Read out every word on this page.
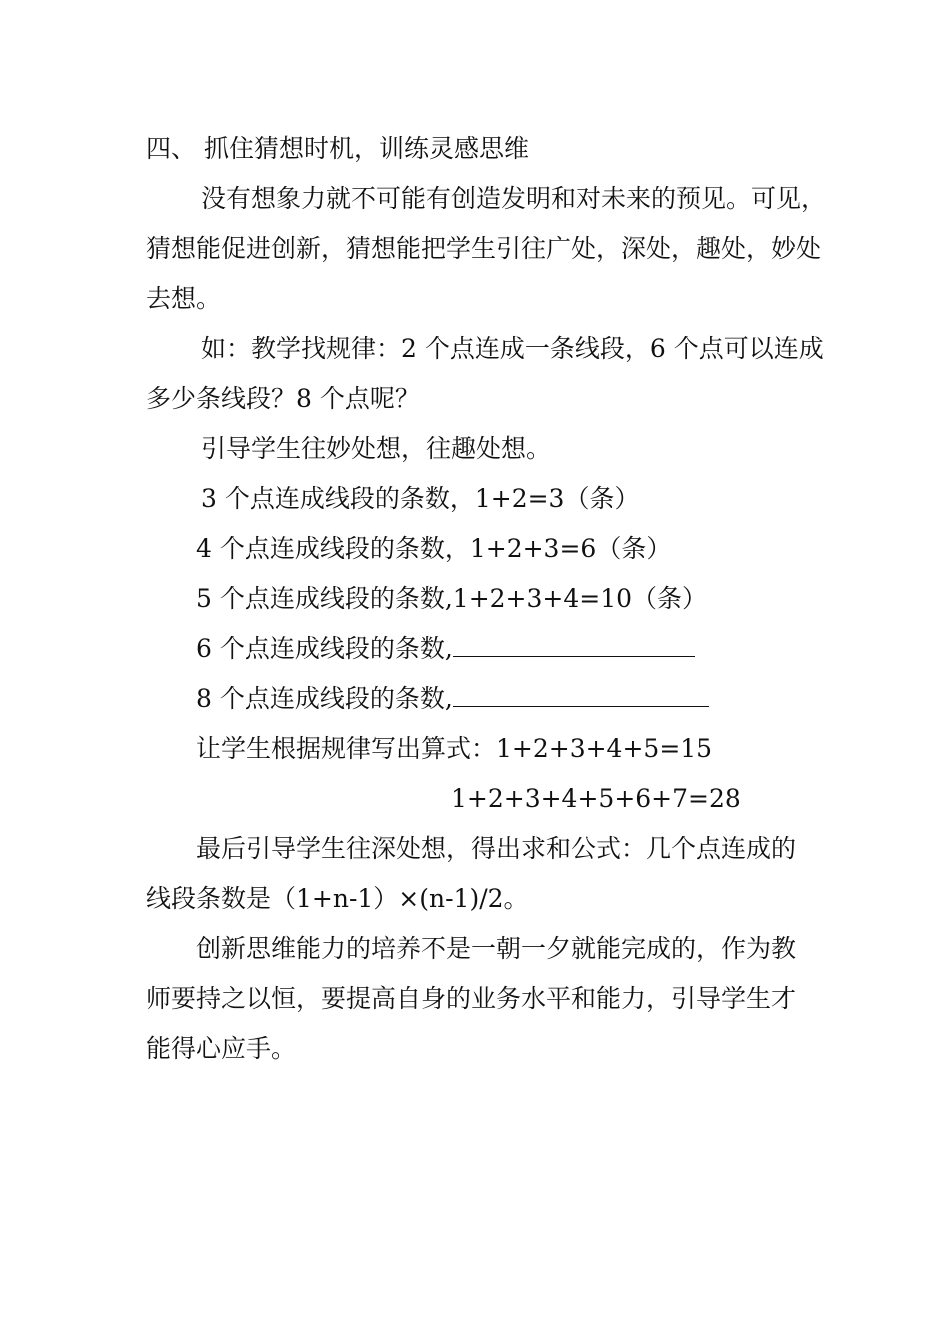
四、 抓住猜想时机，训练灵感思维
没有想象力就不可能有创造发明和对未来的预见。可见，
猜想能促进创新，猜想能把学生引往广处，深处，趣处，妙处
去想。
如：教学找规律：2 个点连成一条线段，6 个点可以连成
多少条线段？8 个点呢？
引导学生往妙处想，往趣处想。
3 个点连成线段的条数，1+2=3（条）
4 个点连成线段的条数，1+2+3=6（条）
5 个点连成线段的条数,1+2+3+4=10（条）
6 个点连成线段的条数,
8 个点连成线段的条数,
让学生根据规律写出算式：1+2+3+4+5=15
1+2+3+4+5+6+7=28
最后引导学生往深处想，得出求和公式：几个点连成的
线段条数是（1+n-1）×(n-1)/2。
创新思维能力的培养不是一朝一夕就能完成的，作为教
师要持之以恒，要提高自身的业务水平和能力，引导学生才
能得心应手。
